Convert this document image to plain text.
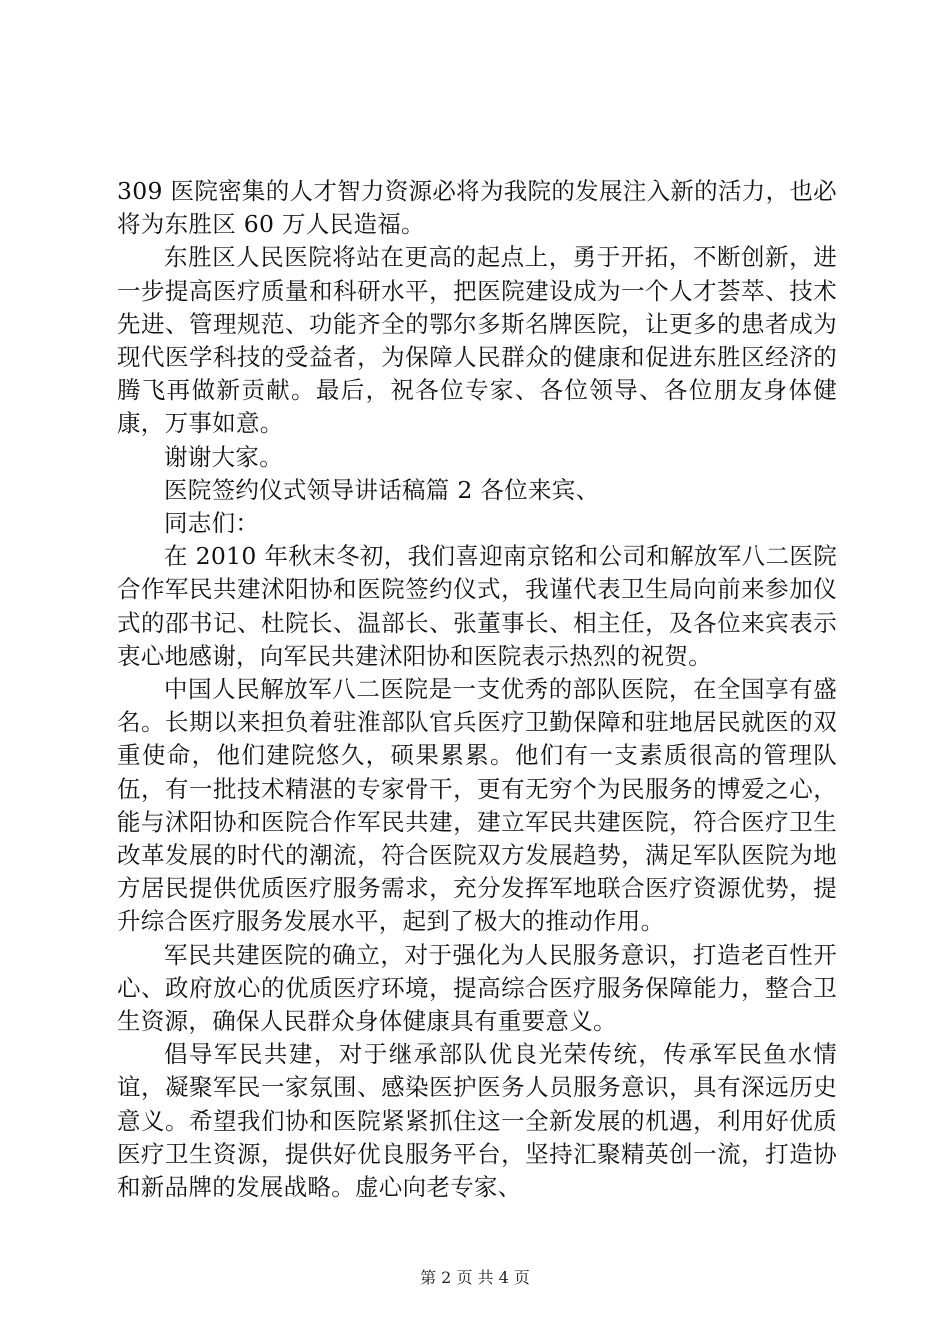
309 医院密集的人才智力资源必将为我院的发展注入新的活力，也必将为东胜区 60 万人民造福。

东胜区人民医院将站在更高的起点上，勇于开拓，不断创新，进一步提高医疗质量和科研水平，把医院建设成为一个人才荟萃、技术先进、管理规范、功能齐全的鄂尔多斯名牌医院，让更多的患者成为现代医学科技的受益者，为保障人民群众的健康和促进东胜区经济的腾飞再做新贡献。最后，祝各位专家、各位领导、各位朋友身体健康，万事如意。

谢谢大家。

医院签约仪式领导讲话稿篇 2 各位来宾、

同志们：

在 2010 年秋末冬初，我们喜迎南京铭和公司和解放军八二医院合作军民共建沭阳协和医院签约仪式，我谨代表卫生局向前来参加仪式的邵书记、杜院长、温部长、张董事长、相主任，及各位来宾表示衷心地感谢，向军民共建沭阳协和医院表示热烈的祝贺。

中国人民解放军八二医院是一支优秀的部队医院，在全国享有盛名。长期以来担负着驻淮部队官兵医疗卫勤保障和驻地居民就医的双重使命，他们建院悠久，硕果累累。他们有一支素质很高的管理队伍，有一批技术精湛的专家骨干，更有无穷个为民服务的博爱之心，能与沭阳协和医院合作军民共建，建立军民共建医院，符合医疗卫生改革发展的时代的潮流，符合医院双方发展趋势，满足军队医院为地方居民提供优质医疗服务需求，充分发挥军地联合医疗资源优势，提升综合医疗服务发展水平，起到了极大的推动作用。

军民共建医院的确立，对于强化为人民服务意识，打造老百性开心、政府放心的优质医疗环境，提高综合医疗服务保障能力，整合卫生资源，确保人民群众身体健康具有重要意义。

倡导军民共建，对于继承部队优良光荣传统，传承军民鱼水情谊，凝聚军民一家氛围、感染医护医务人员服务意识，具有深远历史意义。希望我们协和医院紧紧抓住这一全新发展的机遇，利用好优质医疗卫生资源，提供好优良服务平台，坚持汇聚精英创一流，打造协和新品牌的发展战略。虚心向老专家、

第 2 页 共 4 页
